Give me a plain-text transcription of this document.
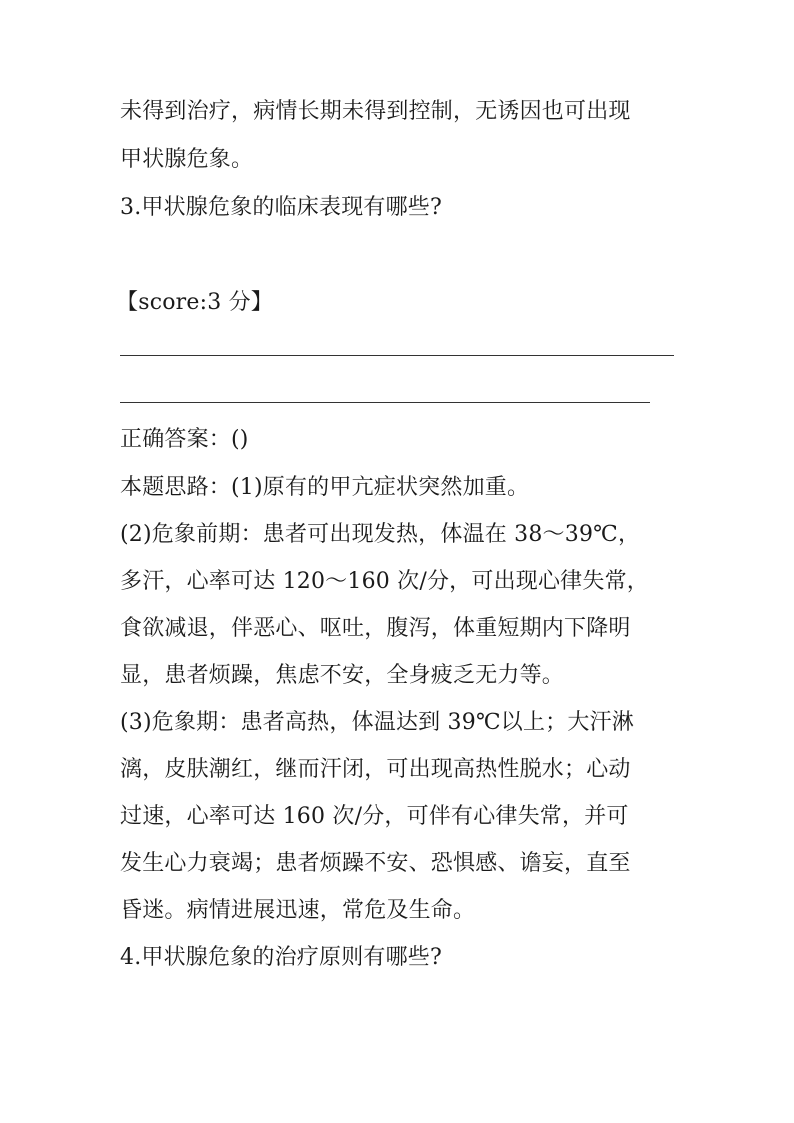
未得到治疗，病情长期未得到控制，无诱因也可出现
甲状腺危象。
3.甲状腺危象的临床表现有哪些?
【score:3 分】
正确答案：()
本题思路：(1)原有的甲亢症状突然加重。
(2)危象前期：患者可出现发热，体温在 38～39℃，
多汗，心率可达 120～160 次/分，可出现心律失常，
食欲减退，伴恶心、呕吐，腹泻，体重短期内下降明
显，患者烦躁，焦虑不安，全身疲乏无力等。
(3)危象期：患者高热，体温达到 39℃以上；大汗淋
漓，皮肤潮红，继而汗闭，可出现高热性脱水；心动
过速，心率可达 160 次/分，可伴有心律失常，并可
发生心力衰竭；患者烦躁不安、恐惧感、谵妄，直至
昏迷。病情进展迅速，常危及生命。
4.甲状腺危象的治疗原则有哪些?
